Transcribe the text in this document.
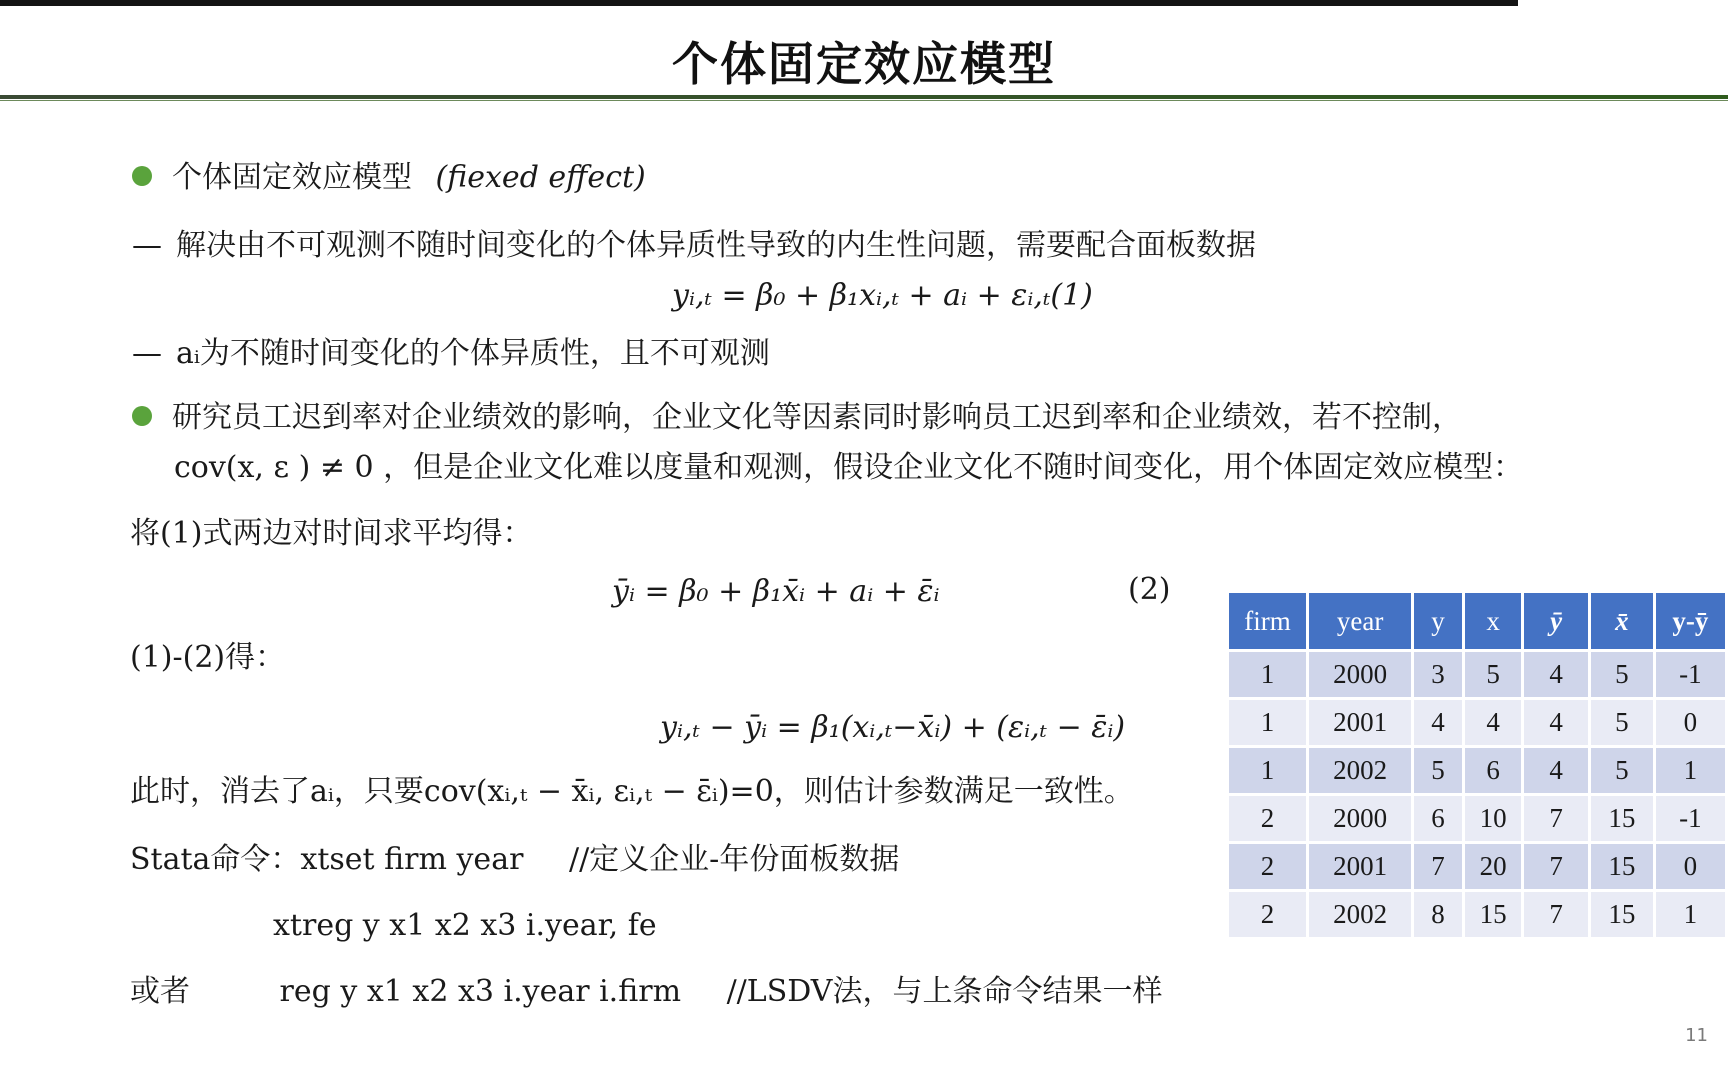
个体固定效应模型
个体固定效应模型 (fiexed effect)
— 解决由不可观测不随时间变化的个体异质性导致的内生性问题，需要配合面板数据
yᵢ,ₜ = β₀ + β₁xᵢ,ₜ + aᵢ + εᵢ,ₜ(1)
— aᵢ为不随时间变化的个体异质性，且不可观测
研究员工迟到率对企业绩效的影响，企业文化等因素同时影响员工迟到率和企业绩效，若不控制，
cov(x, ε ) ≠ 0 ，但是企业文化难以度量和观测，假设企业文化不随时间变化，用个体固定效应模型：
将(1)式两边对时间求平均得：
ȳᵢ = β₀ + β₁x̄ᵢ + aᵢ + ε̄ᵢ	(2)
(1)-(2)得：
yᵢ,ₜ − ȳᵢ = β₁(xᵢ,ₜ−x̄ᵢ) + (εᵢ,ₜ − ε̄ᵢ)
此时，消去了aᵢ，只要cov(xᵢ,ₜ − x̄ᵢ, εᵢ,ₜ − ε̄ᵢ)=0，则估计参数满足一致性。
Stata命令：xtset firm year //定义企业-年份面板数据
xtreg y x1 x2 x3 i.year, fe
或者	reg y x1 x2 x3 i.year i.firm //LSDV法，与上条命令结果一样
firm	year	y	x	ȳ	x̄	y-ȳ
1	2000	3	5	4	5	-1
1	2001	4	4	4	5	0
1	2002	5	6	4	5	1
2	2000	6	10	7	15	-1
2	2001	7	20	7	15	0
2	2002	8	15	7	15	1
11
